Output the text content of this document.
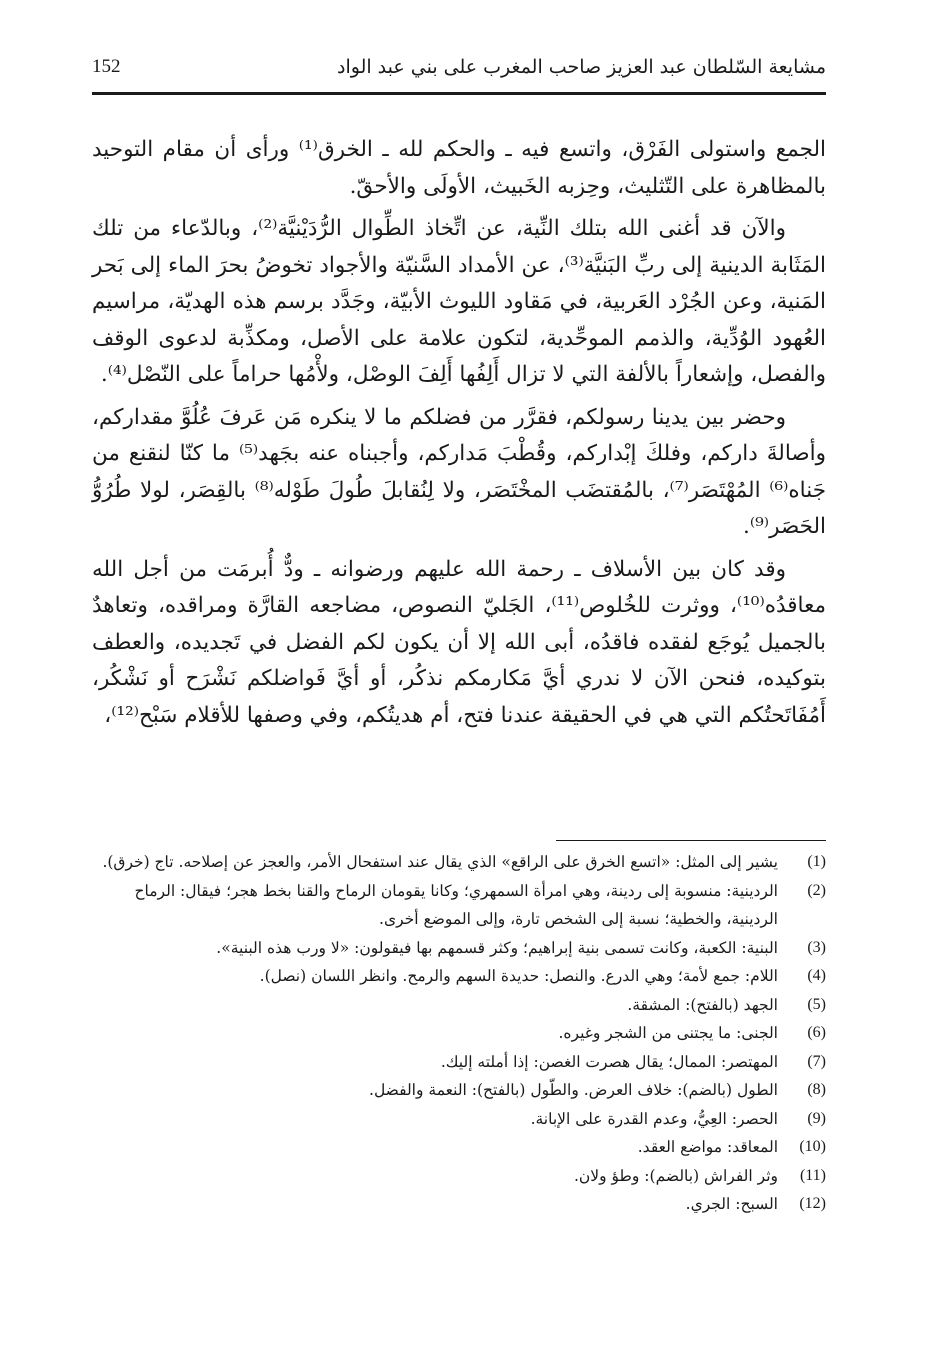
مشايعة السّلطان عبد العزيز صاحب المغرب على بني عبد الواد
152

الجمع واستولى الفَرْق، واتسع فيه ـ والحكم لله ـ الخرق⁽¹⁾ ورأى أن مقام التوحيد بالمظاهرة على التّثليث، وحِزبه الخَبيث، الأولَى والأحقّ.

والآن قد أغنى الله بتلك النِّية، عن اتِّخاذ الطِّوال الرُّدَيْنيَّة⁽²⁾، وبالدّعاء من تلك المَثَابة الدينية إلى ربِّ البَنيَّة⁽³⁾، عن الأمداد السَّنيّة والأجواد تخوضُ بحرَ الماء إلى بَحر المَنية، وعن الجُرْد العَربية، في مَقاود الليوث الأبيّة، وجَدَّد برسم هذه الهديّة، مراسيم العُهود الوُدِّية، والذمم الموحِّدية، لتكون علامة على الأصل، ومكذِّبة لدعوى الوقف والفصل، وإشعاراً بالألفة التي لا تزال أَلِفُها أَلِفَ الوصْل، ولأْمُها حراماً على النّصْل⁽⁴⁾.

وحضر بين يدينا رسولكم، فقرَّر من فضلكم ما لا ينكره مَن عَرفَ عُلُوَّ مقداركم، وأصالةَ داركم، وفلكَ إبْداركم، وقُطْبَ مَداركم، وأجبناه عنه بجَهد⁽⁵⁾ ما كنّا لنقنع من جَناه⁽⁶⁾ المُهْتَصَر⁽⁷⁾، بالمُقتضَب المخْتَصَر، ولا لِنُقابلَ طُولَ طَوْله⁽⁸⁾ بالقِصَر، لولا طُرُوُّ الحَصَر⁽⁹⁾.

وقد كان بين الأسلاف ـ رحمة الله عليهم ورضوانه ـ ودٌّ أُبرمَت من أجل الله معاقدُه⁽¹⁰⁾، ووثرت للخُلوص⁽¹¹⁾، الجَليّ النصوص، مضاجعه القارَّة ومراقده، وتعاهدٌ بالجميل يُوجَع لفقده فاقدُه، أبى الله إلا أن يكون لكم الفضل في تَجديده، والعطف بتوكيده، فنحن الآن لا ندري أيَّ مَكارمكم نذكُر، أو أيَّ فَواضلكم نَشْرَح أو نَشْكُر، أَمُفَاتَحتُكم التي هي في الحقيقة عندنا فتح، أم هديتُكم، وفي وصفها للأقلام سَبْح⁽¹²⁾،

(1)
يشير إلى المثل: «اتسع الخرق على الراقع» الذي يقال عند استفحال الأمر، والعجز عن إصلاحه. تاج (خرق).
(2)
الردينية: منسوبة إلى ردينة، وهي امرأة السمهري؛ وكانا يقومان الرماح والقنا بخط هجر؛ فيقال: الرماح الردينية، والخطية؛ نسبة إلى الشخص تارة، وإلى الموضع أخرى.
(3)
البنية: الكعبة، وكانت تسمى بنية إبراهيم؛ وكثر قسمهم بها فيقولون: «لا ورب هذه البنية».
(4)
اللام: جمع لأمة؛ وهي الدرع. والنصل: حديدة السهم والرمح. وانظر اللسان (نصل).
(5)
الجهد (بالفتح): المشقة.
(6)
الجنى: ما يجتنى من الشجر وغيره.
(7)
المهتصر: الممال؛ يقال هصرت الغصن: إذا أملته إليك.
(8)
الطول (بالضم): خلاف العرض. والطّول (بالفتح): النعمة والفضل.
(9)
الحصر: العِيُّ، وعدم القدرة على الإبانة.
(10)
المعاقد: مواضع العقد.
(11)
وثر الفراش (بالضم): وطؤ ولان.
(12)
السبح: الجري.
